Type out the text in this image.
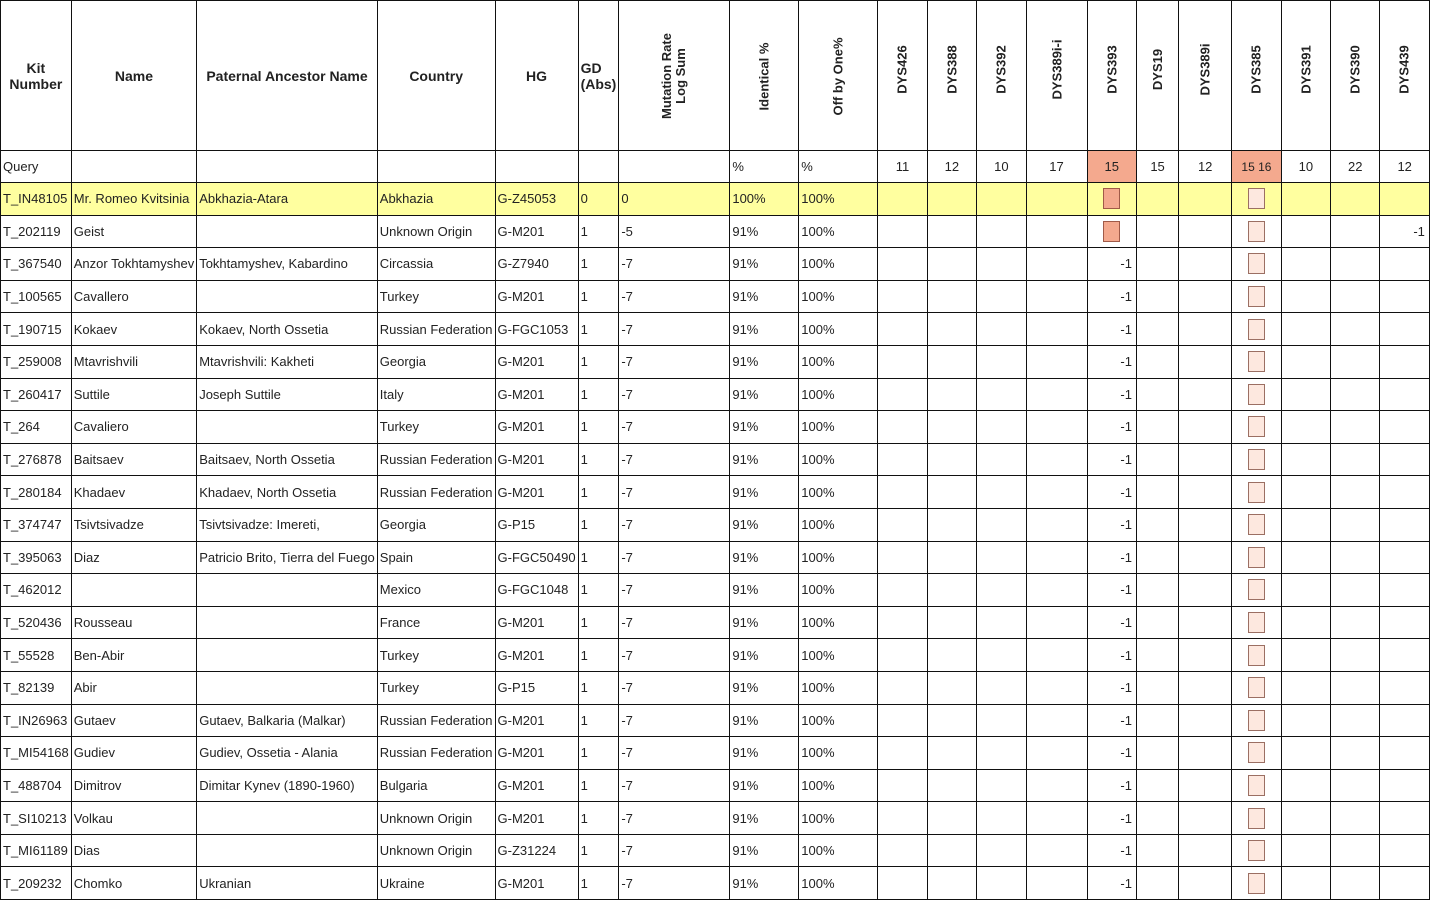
Kit Number	Name	Paternal Ancestor Name	Country	HG	GD (Abs)	Mutation Rate Log Sum	Identical %	Off by One%	DYS426	DYS388	DYS392	DYS389i-i	DYS393	DYS19	DYS389i	DYS385	DYS391	DYS390	DYS439
Query							%	%	11	12	10	17	15	15	12	15 16	10	22	12
T_IN48105	Mr. Romeo Kvitsinia	Abkhazia-Atara	Abkhazia	G-Z45053	0	0	100%	100%											
T_202119	Geist		Unknown Origin	G-M201	1	-5	91%	100%											-1
T_367540	Anzor Tokhtamyshev	Tokhtamyshev, Kabardino	Circassia	G-Z7940	1	-7	91%	100%					-1						
T_100565	Cavallero		Turkey	G-M201	1	-7	91%	100%					-1						
T_190715	Kokaev	Kokaev, North Ossetia	Russian Federation	G-FGC1053	1	-7	91%	100%					-1						
T_259008	Mtavrishvili	Mtavrishvili: Kakheti	Georgia	G-M201	1	-7	91%	100%					-1						
T_260417	Suttile	Joseph Suttile	Italy	G-M201	1	-7	91%	100%					-1						
T_264	Cavaliero		Turkey	G-M201	1	-7	91%	100%					-1						
T_276878	Baitsaev	Baitsaev, North Ossetia	Russian Federation	G-M201	1	-7	91%	100%					-1						
T_280184	Khadaev	Khadaev, North Ossetia	Russian Federation	G-M201	1	-7	91%	100%					-1						
T_374747	Tsivtsivadze	Tsivtsivadze: Imereti,	Georgia	G-P15	1	-7	91%	100%					-1						
T_395063	Diaz	Patricio Brito, Tierra del Fuego	Spain	G-FGC50490	1	-7	91%	100%					-1						
T_462012			Mexico	G-FGC1048	1	-7	91%	100%					-1						
T_520436	Rousseau		France	G-M201	1	-7	91%	100%					-1						
T_55528	Ben-Abir		Turkey	G-M201	1	-7	91%	100%					-1						
T_82139	Abir		Turkey	G-P15	1	-7	91%	100%					-1						
T_IN26963	Gutaev	Gutaev, Balkaria (Malkar)	Russian Federation	G-M201	1	-7	91%	100%					-1						
T_MI54168	Gudiev	Gudiev, Ossetia - Alania	Russian Federation	G-M201	1	-7	91%	100%					-1						
T_488704	Dimitrov	Dimitar Kynev (1890-1960)	Bulgaria	G-M201	1	-7	91%	100%					-1						
T_SI10213	Volkau		Unknown Origin	G-M201	1	-7	91%	100%					-1						
T_MI61189	Dias		Unknown Origin	G-Z31224	1	-7	91%	100%					-1						
T_209232	Chomko	Ukranian	Ukraine	G-M201	1	-7	91%	100%					-1						
